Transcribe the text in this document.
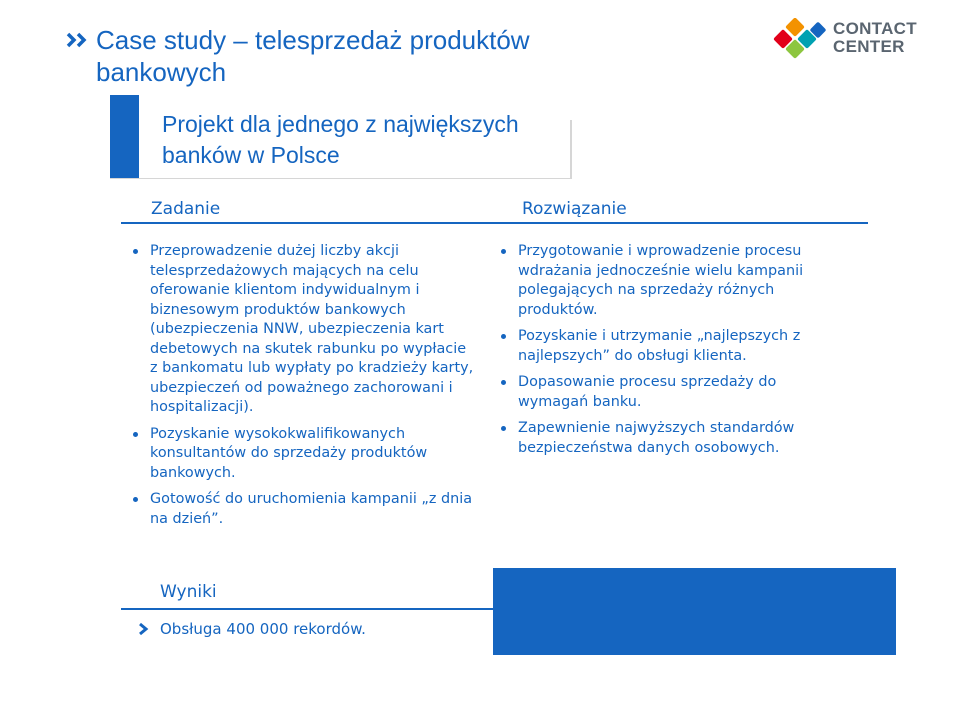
Case study – telesprzedaż produktów bankowych
CONTACT
CENTER
Projekt dla jednego z największych banków w Polsce
Zadanie
Przeprowadzenie dużej liczby akcji telesprzedażowych mających na celu oferowanie klientom indywidualnym i biznesowym produktów bankowych (ubezpieczenia NNW, ubezpieczenia kart debetowych na skutek rabunku po wypłacie z bankomatu lub wypłaty po kradzieży karty, ubezpieczeń od poważnego zachorowani i hospitalizacji).
Pozyskanie wysokokwalifikowanych konsultantów do sprzedaży produktów bankowych.
Gotowość do uruchomienia kampanii „z dnia na dzień”.
Rozwiązanie
Przygotowanie i wprowadzenie procesu wdrażania jednocześnie wielu kampanii polegających na sprzedaży różnych produktów.
Pozyskanie i utrzymanie „najlepszych z najlepszych” do obsługi klienta.
Dopasowanie procesu sprzedaży do wymagań banku.
Zapewnienie najwyższych standardów bezpieczeństwa danych osobowych.
Wyniki
Obsługa 400 000 rekordów.
